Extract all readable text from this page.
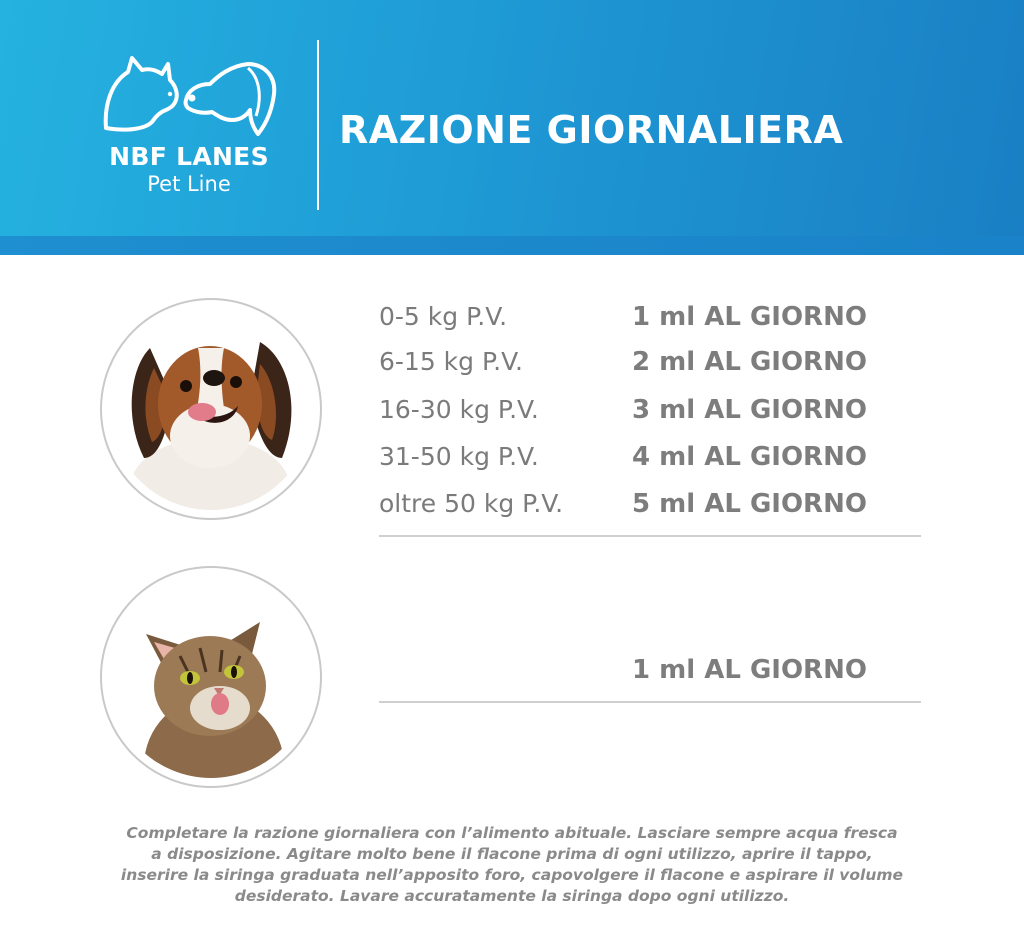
NBF LANES
Pet Line
RAZIONE GIORNALIERA
0-5 kg P.V.	1 ml AL GIORNO
6-15 kg P.V.	2 ml AL GIORNO
16-30 kg P.V.	3 ml AL GIORNO
31-50 kg P.V.	4 ml AL GIORNO
oltre 50 kg P.V.	5 ml AL GIORNO
1 ml AL GIORNO
Completare la razione giornaliera con l’alimento abituale. Lasciare sempre acqua fresca
a disposizione. Agitare molto bene il flacone prima di ogni utilizzo, aprire il tappo,
inserire la siringa graduata nell’apposito foro, capovolgere il flacone e aspirare il volume
desiderato. Lavare accuratamente la siringa dopo ogni utilizzo.
